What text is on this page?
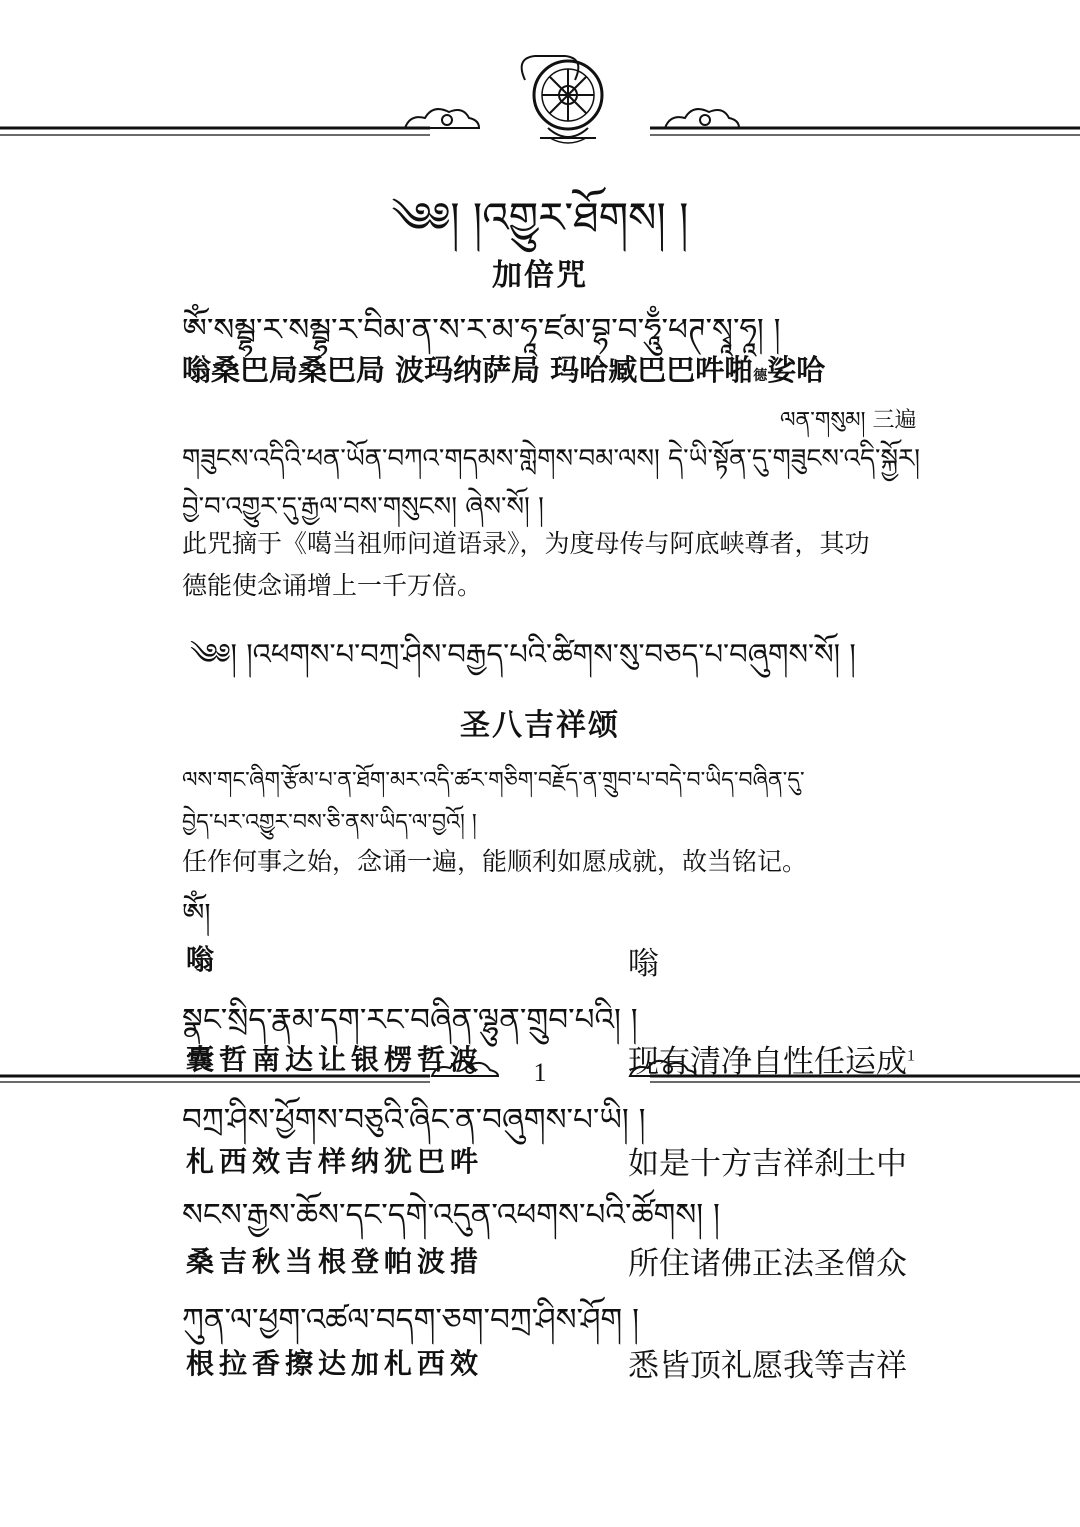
༄༅། །འགྱུར་ཐོགས། །
加倍咒
ཨོཾ་སམྦྷ་ར་སམྦྷ་ར་བིམ་ན་ས་ར་མ་ཧཱ་ཛམ་བྷ་བ་ཧཱུྃ་ཕཊ་སྭཱ་ཧཱ། །
嗡桑巴局桑巴局 波玛纳萨局 玛哈臧巴巴吽啪德娑哈
ལན་གསུམ། 三遍
གཟུངས་འདིའི་ཕན་ཡོན་བཀའ་གདམས་གླེགས་བམ་ལས། དེ་ཡི་སྟོན་དུ་གཟུངས་འདི་སྐྱོར།
བྱེ་བ་འགྱུར་དུ་རྒྱལ་བས་གསུངས། ཞེས་སོ། །
此咒摘于《噶当祖师问道语录》，为度母传与阿底峡尊者，其功
德能使念诵增上一千万倍。
༄༅། །འཕགས་པ་བཀྲ་ཤིས་བརྒྱད་པའི་ཚིགས་སུ་བཅད་པ་བཞུགས་སོ། །
圣八吉祥颂
ལས་གང་ཞིག་རྩོམ་པ་ན་ཐོག་མར་འདི་ཚར་གཅིག་བརྗོད་ན་གྲུབ་པ་བདེ་བ་ཡིད་བཞིན་དུ་
བྱེད་པར་འགྱུར་བས་ཅི་ནས་ཡིད་ལ་བྱའོ། །
任作何事之始，念诵一遍，能顺利如愿成就，故当铭记。
ཨོཾ།
嗡	嗡
སྣང་སྲིད་རྣམ་དག་རང་བཞིན་ལྷུན་གྲུབ་པའི། །
囊哲南达让银楞哲波	现有清净自性任运成$^1$
བཀྲ་ཤིས་ཕྱོགས་བཅུའི་ཞིང་ན་བཞུགས་པ་ཡི། །
札西效吉样纳犹巴吽	如是十方吉祥刹土中
སངས་རྒྱས་ཆོས་དང་དགེ་འདུན་འཕགས་པའི་ཚོགས། །
桑吉秋当根登帕波措	所住诸佛正法圣僧众
ཀུན་ལ་ཕྱག་འཚལ་བདག་ཅག་བཀྲ་ཤིས་ཤོག །
根拉香擦达加札西效	悉皆顶礼愿我等吉祥
1
